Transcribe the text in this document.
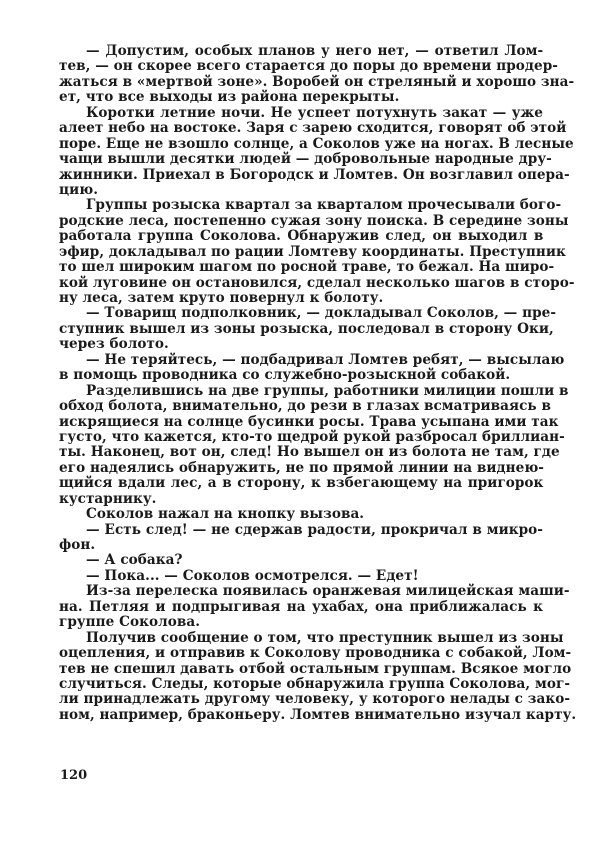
— Допустим, особых планов у него нет, — ответил Лом-
тев, — он скорее всего старается до поры до времени продер-
жаться в «мертвой зоне». Воробей он стреляный и хорошо зна-
ет, что все выходы из района перекрыты.
Коротки летние ночи. Не успеет потухнуть закат — уже
алеет небо на востоке. Заря с зарею сходится, говорят об этой
поре. Еще не взошло солнце, а Соколов уже на ногах. В лесные
чащи вышли десятки людей — добровольные народные дру-
жинники. Приехал в Богородск и Ломтев. Он возглавил опера-
цию.
Группы розыска квартал за кварталом прочесывали бого-
родские леса, постепенно сужая зону поиска. В середине зоны
работала группа Соколова. Обнаружив след, он выходил в
эфир, докладывал по рации Ломтеву координаты. Преступник
то шел широким шагом по росной траве, то бежал. На широ-
кой луговине он остановился, сделал несколько шагов в сторо-
ну леса, затем круто повернул к болоту.
— Товарищ подполковник, — докладывал Соколов, — пре-
ступник вышел из зоны розыска, последовал в сторону Оки,
через болото.
— Не теряйтесь, — подбадривал Ломтев ребят, — высылаю
в помощь проводника со служебно-розыскной собакой.
Разделившись на две группы, работники милиции пошли в
обход болота, внимательно, до рези в глазах всматриваясь в
искрящиеся на солнце бусинки росы. Трава усыпана ими так
густо, что кажется, кто-то щедрой рукой разбросал бриллиан-
ты. Наконец, вот он, след! Но вышел он из болота не там, где
его надеялись обнаружить, не по прямой линии на виднею-
щийся вдали лес, а в сторону, к взбегающему на пригорок
кустарнику.
Соколов нажал на кнопку вызова.
— Есть след! — не сдержав радости, прокричал в микро-
фон.
— А собака?
— Пока... — Соколов осмотрелся. — Едет!
Из-за перелеска появилась оранжевая милицейская маши-
на. Петляя и подпрыгивая на ухабах, она приближалась к
группе Соколова.
Получив сообщение о том, что преступник вышел из зоны
оцепления, и отправив к Соколову проводника с собакой, Лом-
тев не спешил давать отбой остальным группам. Всякое могло
случиться. Следы, которые обнаружила группа Соколова, мог-
ли принадлежать другому человеку, у которого нелады с зако-
ном, например, браконьеру. Ломтев внимательно изучал карту.
120
